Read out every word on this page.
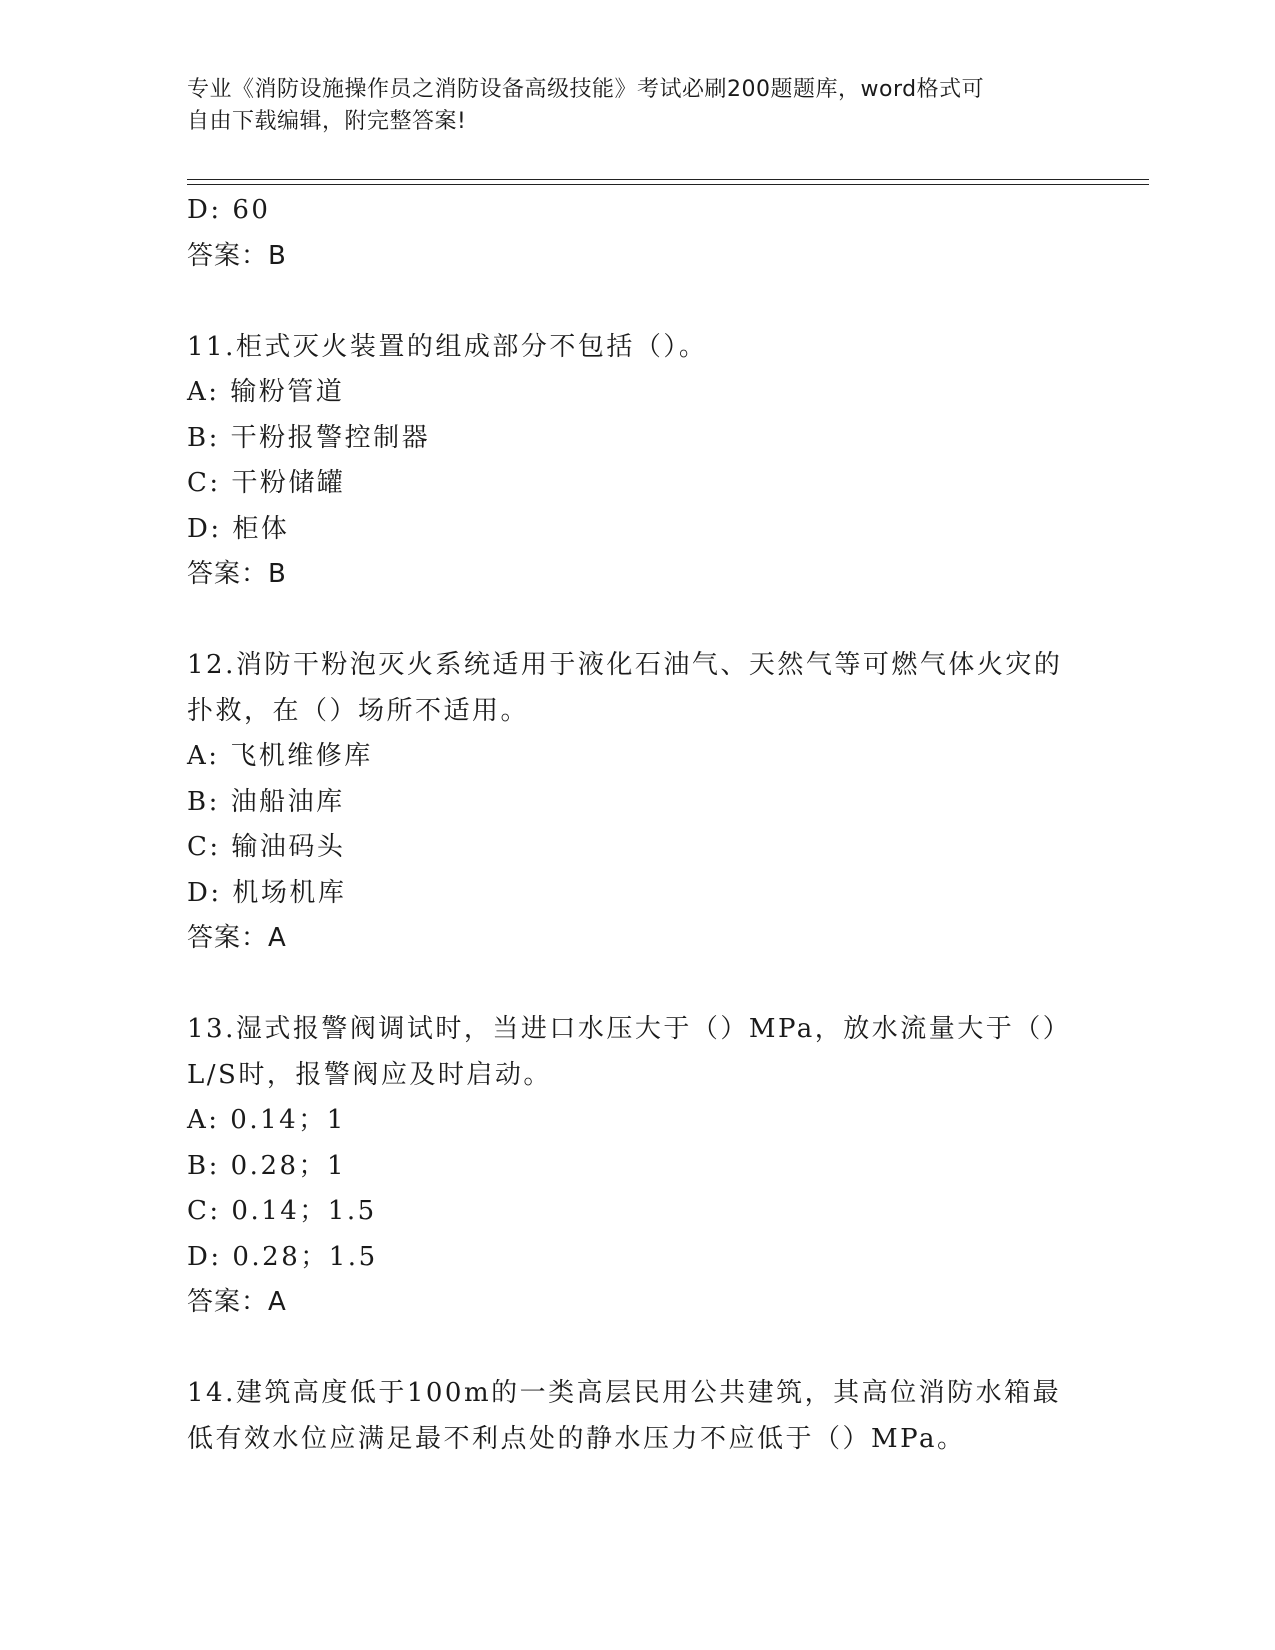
专业《消防设施操作员之消防设备高级技能》考试必刷200题题库，word格式可
自由下载编辑，附完整答案!
D: 60
答案：B
11.柜式灭火装置的组成部分不包括（）。
A: 输粉管道
B: 干粉报警控制器
C: 干粉储罐
D: 柜体
答案：B
12.消防干粉泡灭火系统适用于液化石油气、天然气等可燃气体火灾的
扑救，在（）场所不适用。
A: 飞机维修库
B: 油船油库
C: 输油码头
D: 机场机库
答案：A
13.湿式报警阀调试时，当进口水压大于（）MPa，放水流量大于（）
L/S时，报警阀应及时启动。
A: 0.14；1
B: 0.28；1
C: 0.14；1.5
D: 0.28；1.5
答案：A
14.建筑高度低于100m的一类高层民用公共建筑，其高位消防水箱最
低有效水位应满足最不利点处的静水压力不应低于（）MPa。
